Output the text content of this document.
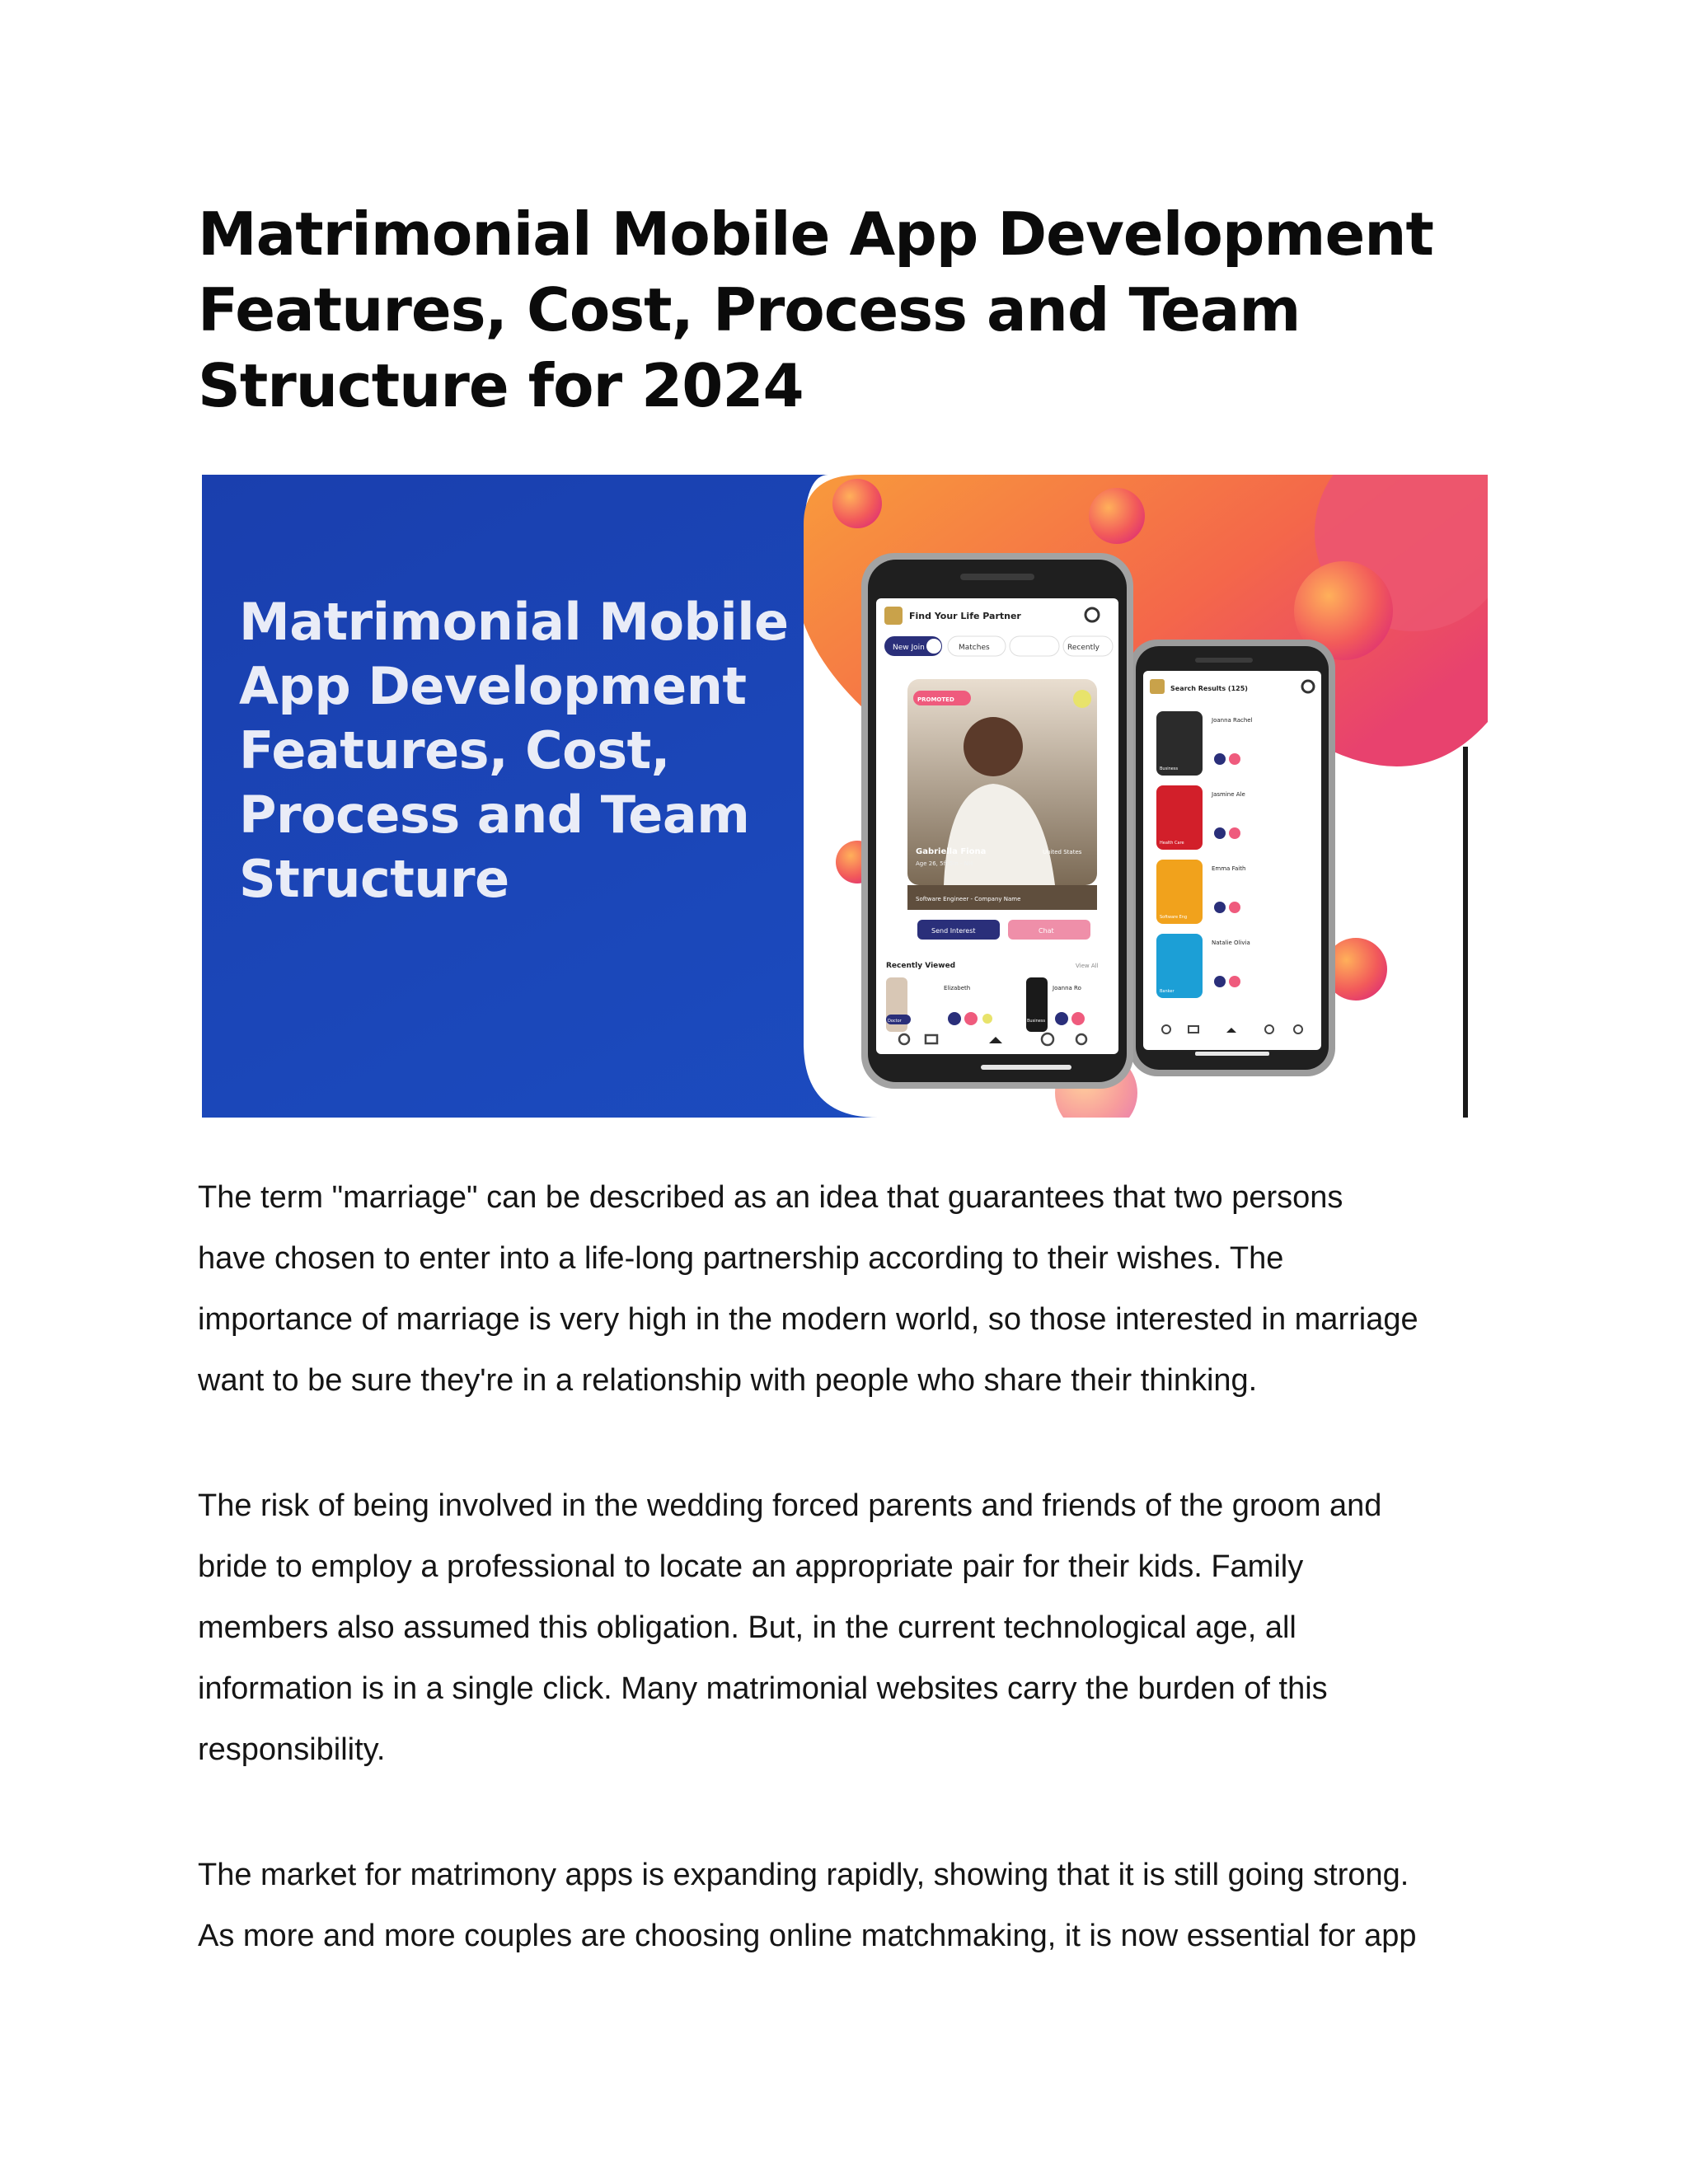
Matrimonial Mobile App Development Features, Cost, Process and Team Structure for 2024
Find Your Life Partner
New Join	Matches	Recently
PROMOTED
Gabriella Fiona
Age 26, 5ft 5in - NH
United States
Software Engineer - Company Name
Send Interest	Chat
Recently Viewed	View All
Elizabeth
Doctor
Joanna Ro
Business
Search Results (125)
Joanna Rachel
Business
Jasmine Ale
Health Care
Emma Faith
Software Eng
Natalie Olivia
Banker
Matrimonial Mobile App Development Features, Cost, Process and Team Structure

The term "marriage" can be described as an idea that guarantees that two persons
have chosen to enter into a life-long partnership according to their wishes. The
importance of marriage is very high in the modern world, so those interested in marriage
want to be sure they're in a relationship with people who share their thinking.

The risk of being involved in the wedding forced parents and friends of the groom and
bride to employ a professional to locate an appropriate pair for their kids. Family
members also assumed this obligation. But, in the current technological age, all
information is in a single click. Many matrimonial websites carry the burden of this
responsibility.

The market for matrimony apps is expanding rapidly, showing that it is still going strong.
As more and more couples are choosing online matchmaking, it is now essential for app
